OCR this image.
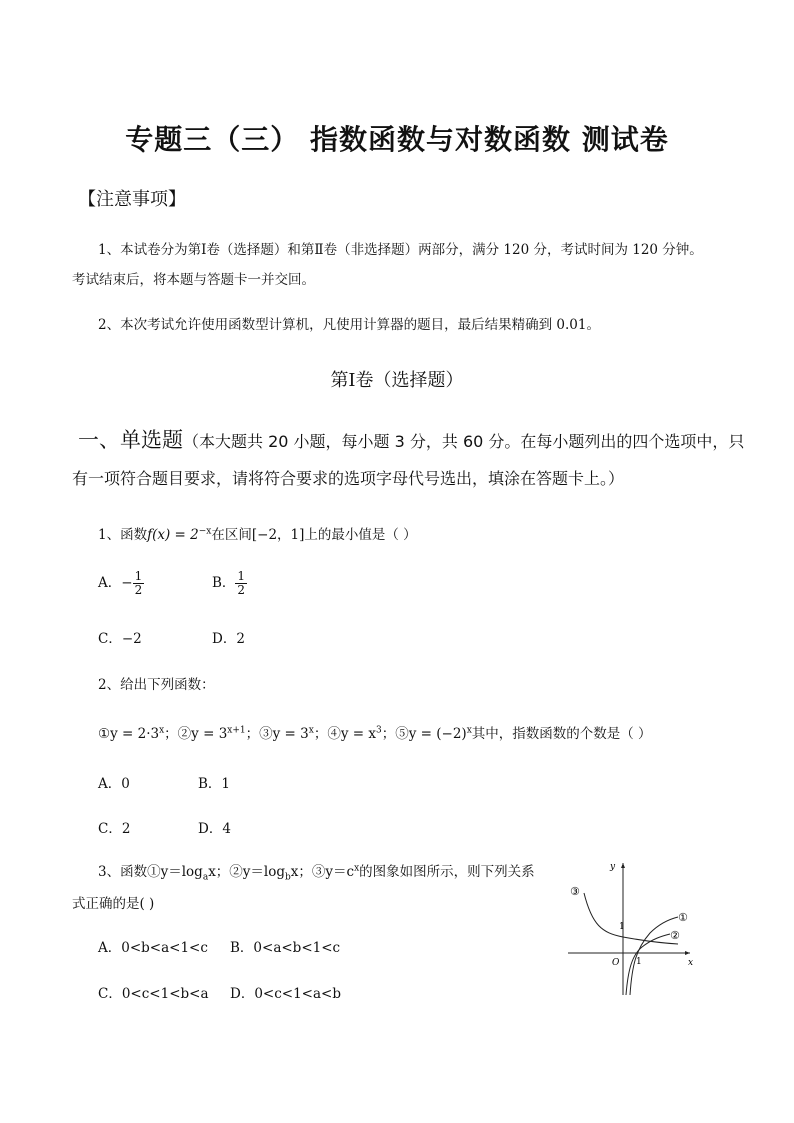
专题三（三） 指数函数与对数函数 测试卷
【注意事项】
1、本试卷分为第Ⅰ卷（选择题）和第Ⅱ卷（非选择题）两部分，满分 120 分，考试时间为 120 分钟。
考试结束后，将本题与答题卡一并交回。
2、本次考试允许使用函数型计算机，凡使用计算器的题目，最后结果精确到 0.01。
第Ⅰ卷（选择题）
一、单选题（本大题共 20 小题，每小题 3 分，共 60 分。在每小题列出的四个选项中，只
有一项符合题目要求，请将符合要求的选项字母代号选出，填涂在答题卡上。）
1、函数$f(x) = 2^{-x}$在区间[−2，1]上的最小值是（ ）
A．− $\frac{1}{2}$	B． $\frac{1}{2}$
C．−2	D．2
2、给出下列函数：
①y = $2\cdot 3^x$；②y = $3^{x+1}$；③y = $3^x$；④y = $x^3$；⑤y = $(-2)^x$其中，指数函数的个数是（ ）
A．0	B．1
C．2	D．4
3、函数$①y=\log_ax$；$②y=\log_bx$；$③y=c^x$的图象如图所示，则下列关系
式正确的是( )
A．0<b<a<1<c B．0<a<b<1<c
C．0<c<1<b<a D．0<c<1<a<b
y
x
O
1
1
③
①
②
